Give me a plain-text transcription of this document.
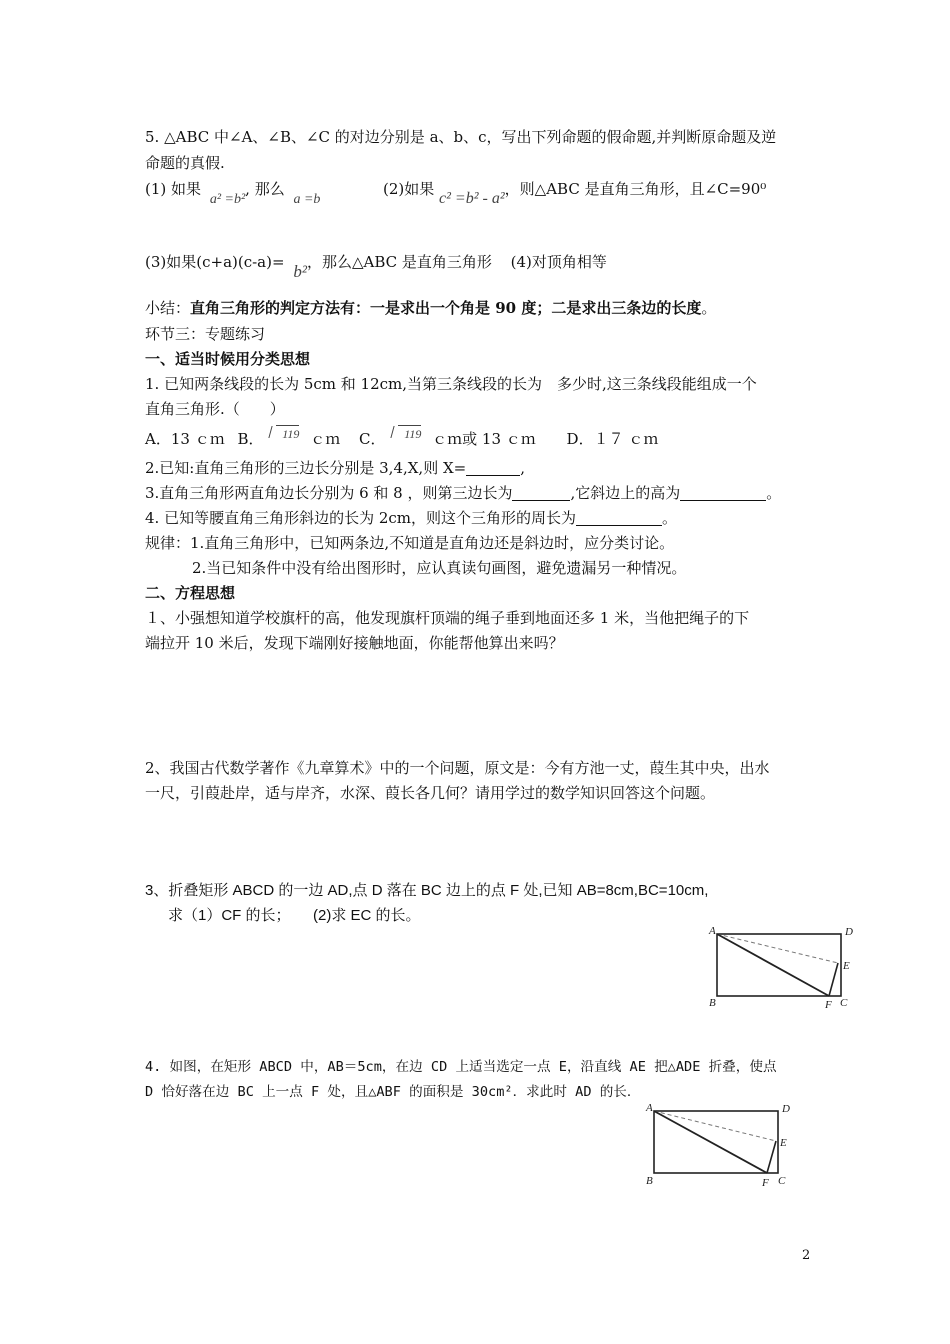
5. △ABC 中∠A、∠B、∠C 的对边分别是 a、b、c，写出下列命题的假命题,并判断原命题及逆
命题的真假.
(1) 如果 a² =b², 那么 a =b
(2)如果 c² =b² - a²，则△ABC 是直角三角形，且∠C=90⁰
(3)如果(c+a)(c-a)= b²，那么△ABC 是直角三角形 (4)对顶角相等
小结：直角三角形的判定方法有：一是求出一个角是 90 度；二是求出三条边的长度。
环节三：专题练习
一、适当时候用分类思想
1. 已知两条线段的长为 5cm 和 12cm,当第三条线段的长为　多少时,这三条线段能组成一个
直角三角形.（　　）
A．13 ｃｍ B． 119 ｃｍ C． 119 ｃｍ或 13 ｃｍ D．１７ ｃｍ
2.已知:直角三角形的三边长分别是 3,4,X,则 X=	,
3.直角三角形两直角边长分别为 6 和 8 ，则第三边长为	,它斜边上的高为	。
4. 已知等腰直角三角形斜边的长为 2cm，则这个三角形的周长为	。
规律：1.直角三角形中，已知两条边,不知道是直角边还是斜边时，应分类讨论。
2.当已知条件中没有给出图形时，应认真读句画图，避免遗漏另一种情况。
二、方程思想
１、小强想知道学校旗杆的高，他发现旗杆顶端的绳子垂到地面还多 1 米，当他把绳子的下
端拉开 10 米后，发现下端刚好接触地面，你能帮他算出来吗？
2、我国古代数学著作《九章算术》中的一个问题，原文是：今有方池一丈，葭生其中央，出水
一尺，引葭赴岸，适与岸齐，水深、葭长各几何？请用学过的数学知识回答这个问题。
3、折叠矩形 ABCD 的一边 AD,点 D 落在 BC 边上的点 F 处,已知 AB=8cm,BC=10cm,
求（1）CF 的长；　　(2)求 EC 的长。
A	D
E
B	F C
4. 如图，在矩形 ABCD 中，AB＝5cm，在边 CD 上适当选定一点 E，沿直线 AE 把△ADE 折叠，使点
D 恰好落在边 BC 上一点 F 处，且△ABF 的面积是 30cm²．求此时 AD 的长．
A	D
E
B	F C
2
